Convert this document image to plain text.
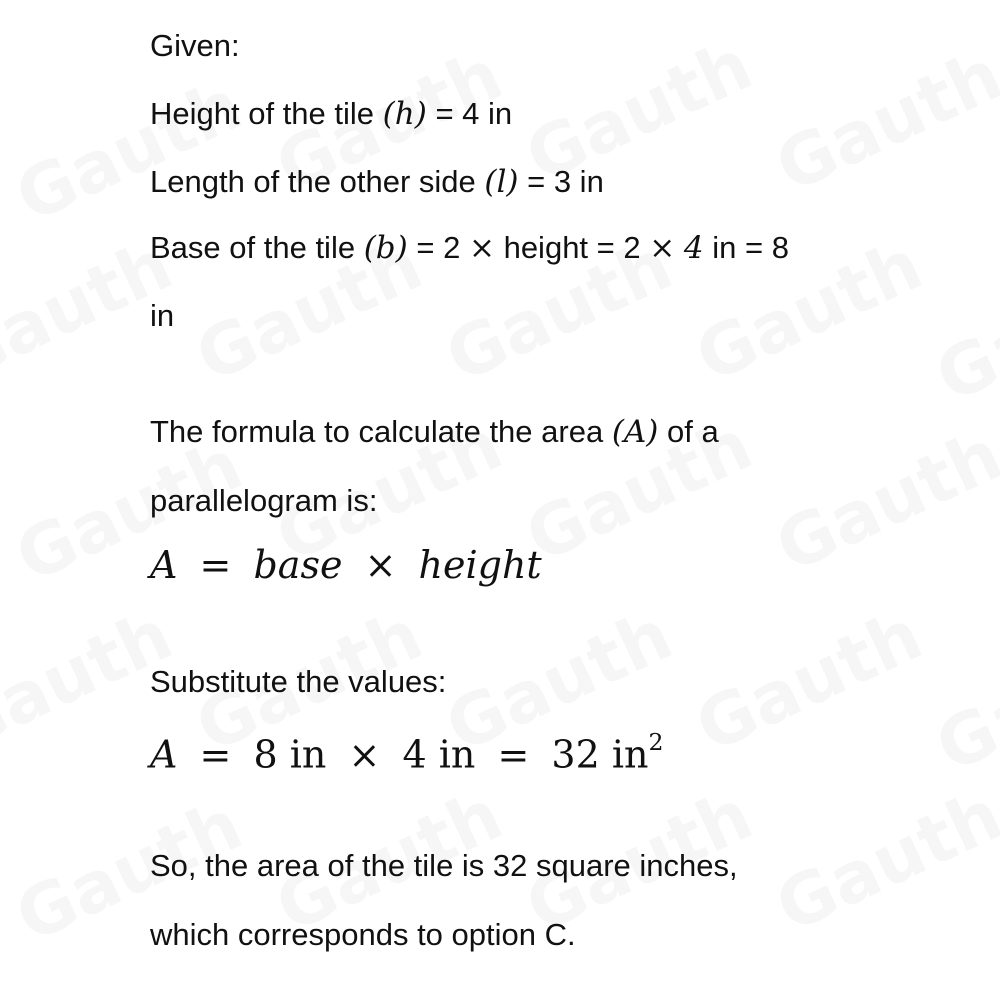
Given:
Height of the tile (h) = 4 in
Length of the other side (l) = 3 in
Base of the tile (b) = 2 × height = 2 × 4 in = 8
in
The formula to calculate the area (A) of a
parallelogram is:
A = base × height
Substitute the values:
A = 8 in × 4 in = 32 $in^2$
So, the area of the tile is 32 square inches,
which corresponds to option C.
